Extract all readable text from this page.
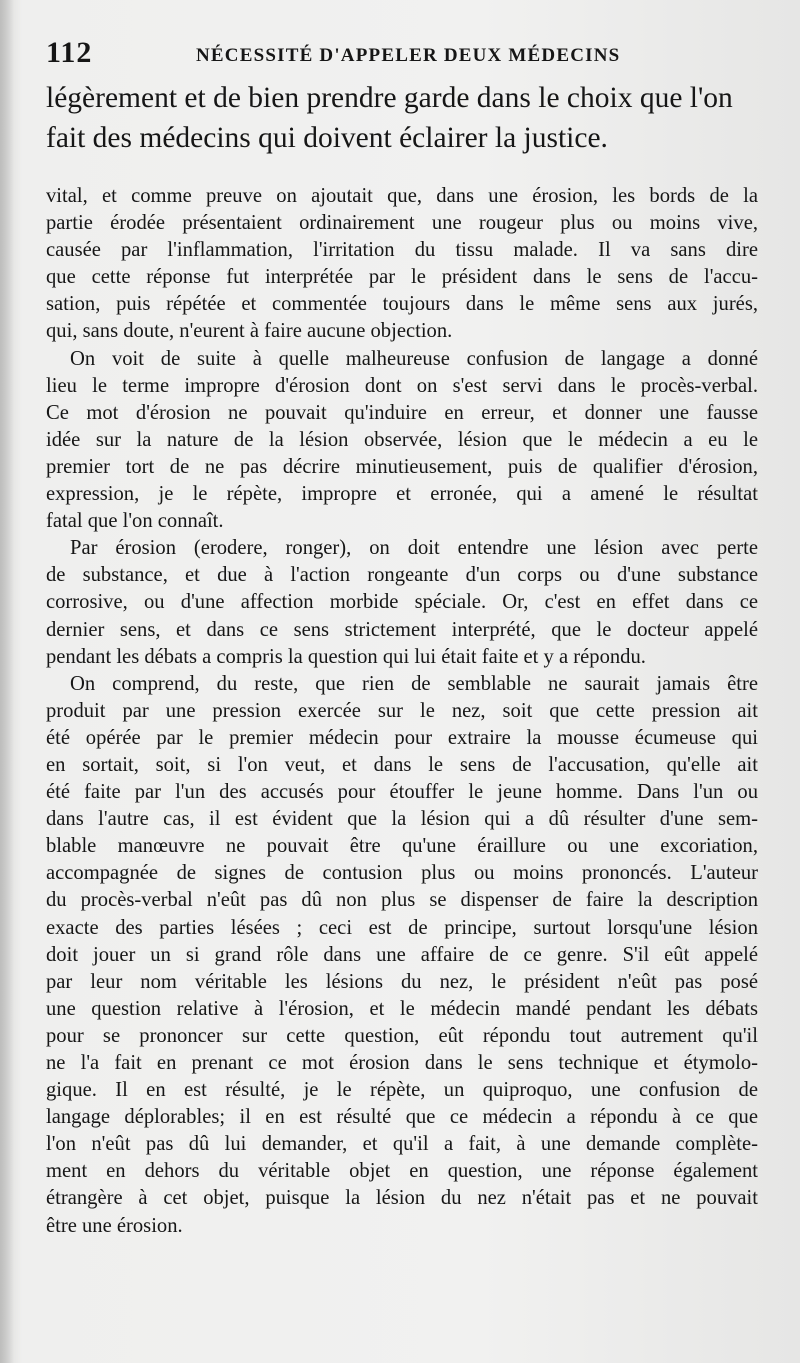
112	NÉCESSITÉ D'APPELER DEUX MÉDECINS
légèrement et de bien prendre garde dans le choix que l'on
fait des médecins qui doivent éclairer la justice.
vital, et comme preuve on ajoutait que, dans une érosion, les bords de la
partie érodée présentaient ordinairement une rougeur plus ou moins vive,
causée par l'inflammation, l'irritation du tissu malade. Il va sans dire
que cette réponse fut interprétée par le président dans le sens de l'accu-
sation, puis répétée et commentée toujours dans le même sens aux jurés,
qui, sans doute, n'eurent à faire aucune objection.
On voit de suite à quelle malheureuse confusion de langage a donné
lieu le terme impropre d'érosion dont on s'est servi dans le procès-verbal.
Ce mot d'érosion ne pouvait qu'induire en erreur, et donner une fausse
idée sur la nature de la lésion observée, lésion que le médecin a eu le
premier tort de ne pas décrire minutieusement, puis de qualifier d'érosion,
expression, je le répète, impropre et erronée, qui a amené le résultat
fatal que l'on connaît.
Par érosion (erodere, ronger), on doit entendre une lésion avec perte
de substance, et due à l'action rongeante d'un corps ou d'une substance
corrosive, ou d'une affection morbide spéciale. Or, c'est en effet dans ce
dernier sens, et dans ce sens strictement interprété, que le docteur appelé
pendant les débats a compris la question qui lui était faite et y a répondu.
On comprend, du reste, que rien de semblable ne saurait jamais être
produit par une pression exercée sur le nez, soit que cette pression ait
été opérée par le premier médecin pour extraire la mousse écumeuse qui
en sortait, soit, si l'on veut, et dans le sens de l'accusation, qu'elle ait
été faite par l'un des accusés pour étouffer le jeune homme. Dans l'un ou
dans l'autre cas, il est évident que la lésion qui a dû résulter d'une sem-
blable manœuvre ne pouvait être qu'une éraillure ou une excoriation,
accompagnée de signes de contusion plus ou moins prononcés. L'auteur
du procès-verbal n'eût pas dû non plus se dispenser de faire la description
exacte des parties lésées ; ceci est de principe, surtout lorsqu'une lésion
doit jouer un si grand rôle dans une affaire de ce genre. S'il eût appelé
par leur nom véritable les lésions du nez, le président n'eût pas posé
une question relative à l'érosion, et le médecin mandé pendant les débats
pour se prononcer sur cette question, eût répondu tout autrement qu'il
ne l'a fait en prenant ce mot érosion dans le sens technique et étymolo-
gique. Il en est résulté, je le répète, un quiproquo, une confusion de
langage déplorables; il en est résulté que ce médecin a répondu à ce que
l'on n'eût pas dû lui demander, et qu'il a fait, à une demande complète-
ment en dehors du véritable objet en question, une réponse également
étrangère à cet objet, puisque la lésion du nez n'était pas et ne pouvait
être une érosion.
